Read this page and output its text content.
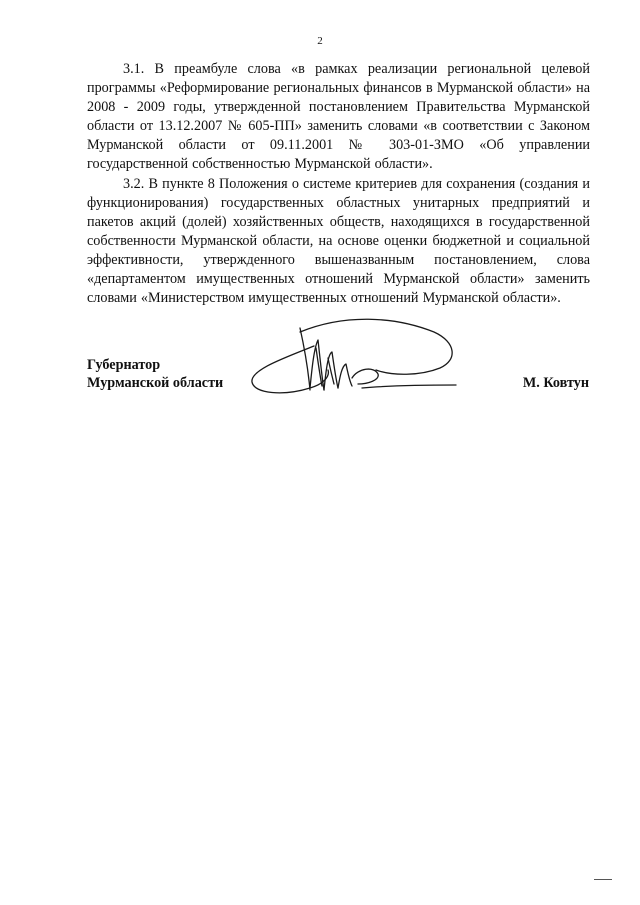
2

3.1. В преамбуле слова «в рамках реализации региональной целевой программы «Реформирование региональных финансов в Мурманской области» на 2008 - 2009 годы, утвержденной постановлением Правительства Мурманской области от 13.12.2007 № 605-ПП» заменить словами «в соответствии с Законом Мурманской области от 09.11.2001 № 303-01-ЗМО «Об управлении государственной собственностью Мурманской области».

3.2. В пункте 8 Положения о системе критериев для сохранения (создания и функционирования) государственных областных унитарных предприятий и пакетов акций (долей) хозяйственных обществ, находящихся в государственной собственности Мурманской области, на основе оценки бюджетной и социальной эффективности, утвержденного вышеназванным постановлением, слова «департаментом имущественных отношений Мурманской области» заменить словами «Министерством имущественных отношений Мурманской области».

Губернатор
Мурманской области	М. Ковтун
